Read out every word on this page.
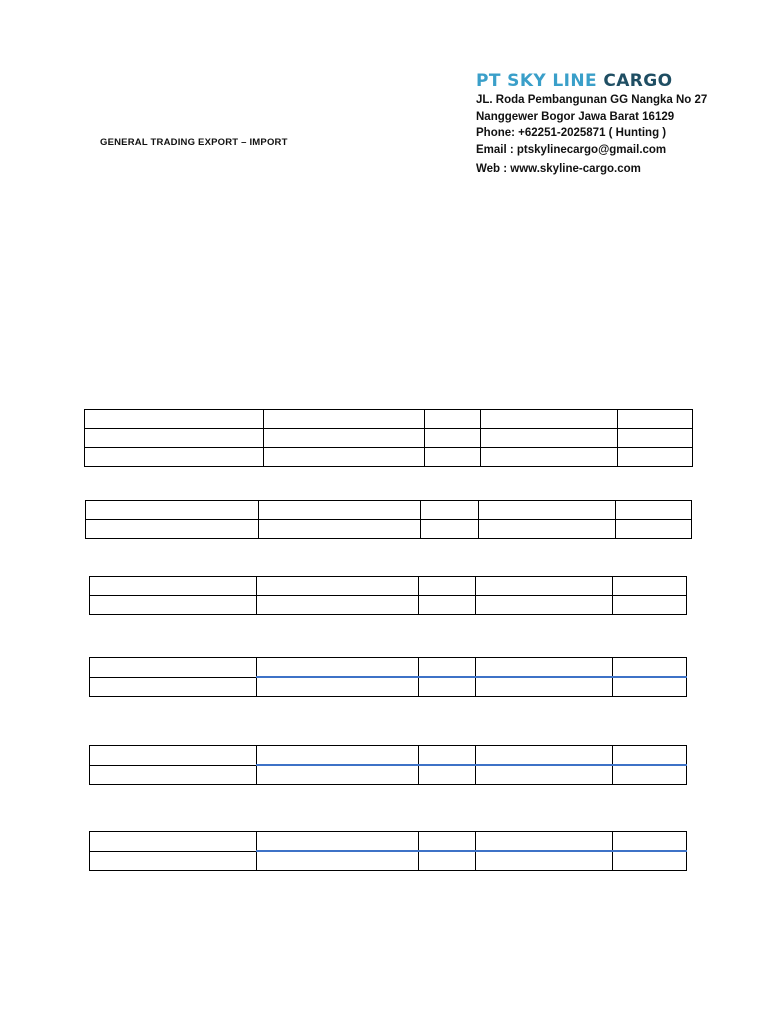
PT SKY LINE CARGO
JL. Roda Pembangunan GG Nangka No 27
Nanggewer Bogor Jawa Barat 16129
Phone: +62251-2025871 ( Hunting )
Email : ptskylinecargo@gmail.com
Web : www.skyline-cargo.com
GENERAL TRADING EXPORT – IMPORT
